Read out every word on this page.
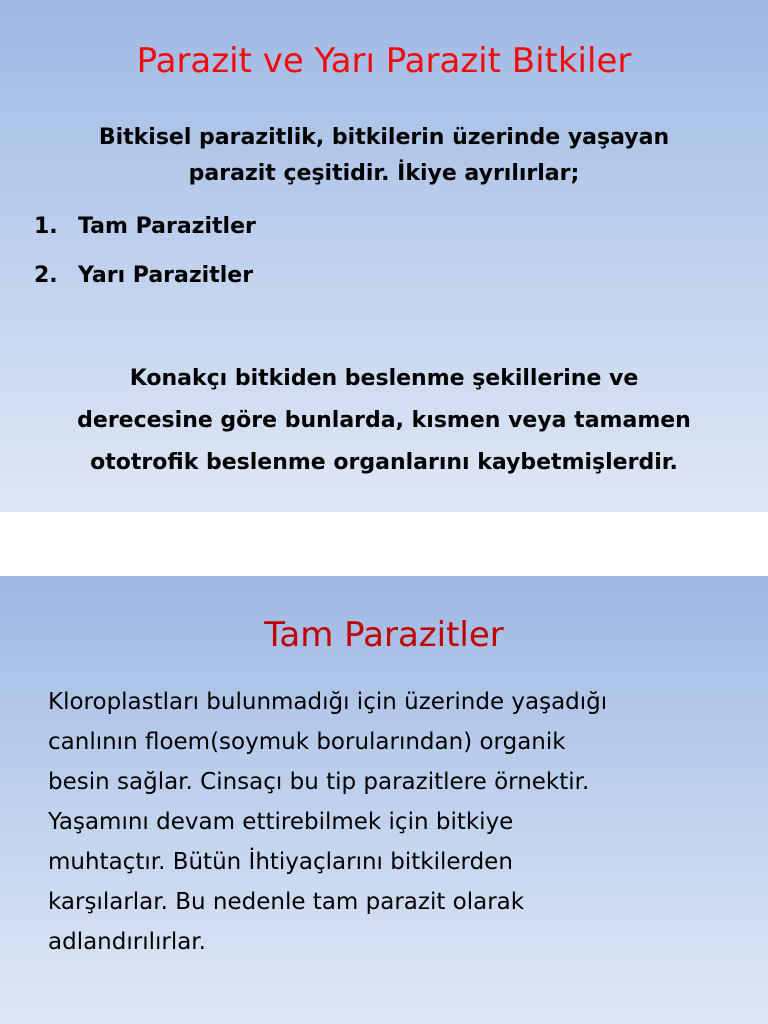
Parazit ve Yarı Parazit Bitkiler
Bitkisel parazitlik, bitkilerin üzerinde yaşayan
parazit çeşitidir. İkiye ayrılırlar;
1. Tam Parazitler
2. Yarı Parazitler
Konakçı bitkiden beslenme şekillerine ve
derecesine göre bunlarda, kısmen veya tamamen
ototrofik beslenme organlarını kaybetmişlerdir.
Tam Parazitler
Kloroplastları bulunmadığı için üzerinde yaşadığı
canlının floem(soymuk borularından) organik
besin sağlar. Cinsaçı bu tip parazitlere örnektir.
Yaşamını devam ettirebilmek için bitkiye
muhtaçtır. Bütün İhtiyaçlarını bitkilerden
karşılarlar. Bu nedenle tam parazit olarak
adlandırılırlar.
